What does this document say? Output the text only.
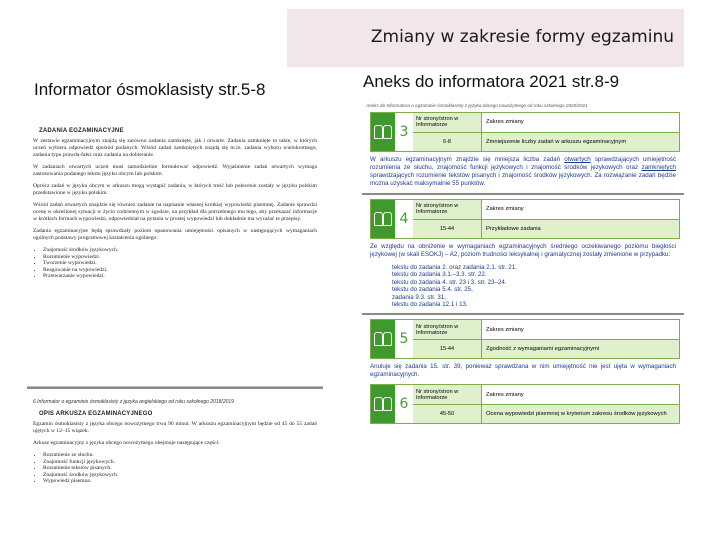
Zmiany w zakresie formy egzaminu
Informator ósmoklasisty str.5-8	Aneks do informatora 2021 str.8-9
ZADANIA EGZAMINACYJNE

W zestawie egzaminacyjnym znajdą się zarówno zadania zamknięte, jak i otwarte. Zadania zamknięte to takie, w których uczeń wybiera odpowiedź spośród podanych. Wśród zadań zamkniętych znajdą się m.in. zadania wyboru wielokrotnego, zadania typu prawda-fałsz oraz zadania na dobieranie.

W zadaniach otwartych uczeń musi samodzielnie formułować odpowiedź. Wyjaśnienie zadań otwartych wymaga zastosowania podanego tekstu języku obcym lub polskim.

Oprócz zadań w języku obcym w arkuszu mogą wystąpić zadania, w których treść lub polecenie zostały w języku polskim przedstawione w języku polskim.

Wśród zadań otwartych znajdzie się również zadanie na napisanie własnej krótkiej wypowiedzi pisemnej. Zadanie sprawdzi ocenę w określonej sytuacji w życiu codziennym w zgodzie, na przykład dla potrzebnego mu tego, aby przekazać informacje w krótkich formach wypowiedzi, odpowiedział na pytania w prostej wypowiedzi lub dokładnie ma wyrażać te przepisy.

Zadania egzaminacyjne będą sprawdzały poziom opanowania umiejętności opisanych w następujących wymaganiach ogólnych podstawy programowej kształcenia ogólnego:

• Znajomość środków językowych.
• Rozumienie wypowiedzi.
• Tworzenie wypowiedzi.
• Reagowanie na wypowiedzi.
• Przetwarzanie wypowiedzi.
6 Informator o egzaminie ósmoklasisty z języka angielskiego od roku szkolnego 2018/2019
OPIS ARKUSZA EGZAMINACYJNEGO

Egzamin ósmoklasisty z języka obcego nowożytnego trwa 90 minut. W arkuszu egzaminacyjnym będzie od 45 do 55 zadań ujętych w 12–15 wiązek.

Arkusz egzaminacyjny z języka obcego nowożytnego obejmuje następujące części:

• Rozumienie ze słuchu.
• Znajomość funkcji językowych.
• Rozumienie tekstów pisanych.
• Znajomość środków językowych.
• Wypowiedź pisemna.
Aneks do Informatora o egzaminie ósmoklasisty z języka obcego nowożytnego od roku szkolnego 2020/2021
3
Nr strony/stron w Informatorze	Zakres zmiany
6-8	Zmniejszenie liczby zadań w arkuszu egzaminacyjnym
W arkuszu egzaminacyjnym znajdzie się mniejsza liczba zadań otwartych sprawdzających umiejętność rozumienia ze słuchu, znajomość funkcji językowych i znajomość środków językowych oraz zamkniętych sprawdzających rozumienie tekstów pisanych i znajomość środków językowych. Za rozwiązanie zadań będzie można uzyskać maksymalnie 55 punktów.
4
Nr strony/stron w Informatorze	Zakres zmiany
15-44	Przykładowe zadania
Ze względu na obniżenie w wymaganiach egzaminacyjnych średniego oczekiwanego poziomu biegłości językowej (w skali ESOKJ) – A2, poziom trudności leksykalnej i gramatycznej zostały zmienione w przypadku:
tekstu do zadania 2. oraz zadania 2.1. str. 21,
tekstu do zadania 3.1.–3.3. str. 22.
tekstu do zadania 4. str. 23 i 3. str. 23–24.
tekstu do zadania 5.4. str. 25,
zadania 9.3. str. 31,
tekstu do zadania 12.1 i 13.
5
Nr strony/stron w Informatorze	Zakres zmiany
15-44	Zgodność z wymaganiami egzaminacyjnymi
Anuluje się zadania 15. str. 39, ponieważ sprawdzana w nim umiejętność nie jest ujęta w wymaganiach egzaminacyjnych.
6
Nr strony/stron w Informatorze	Zakres zmiany
45-50	Ocena wypowiedzi pisemnej w kryterium zakresu środków językowych
